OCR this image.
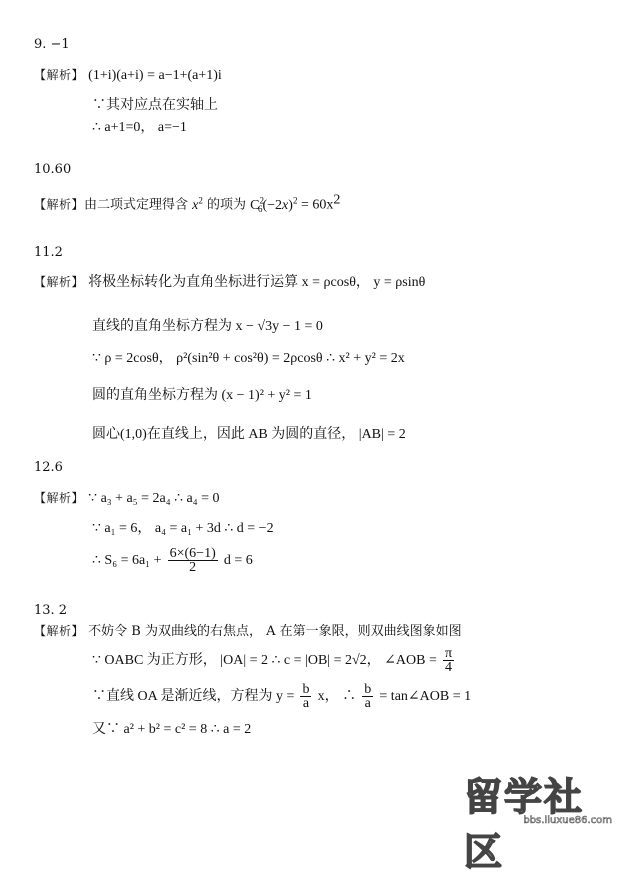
9. −1
【解析】 (1+i)(a+i) = a−1+(a+1)i
∵其对应点在实轴上
∴ a+1=0， a=−1
10.60
【解析】由二项式定理得含 $x^2$ 的项为 $C^2_6(-2x)^2 = 60x^2$
11.2
【解析】 将极坐标转化为直角坐标进行运算 x = ρcosθ， y = ρsinθ
直线的直角坐标方程为 x − √3y − 1 = 0
∵ ρ = 2cosθ， ρ²(sin²θ + cos²θ) = 2ρcosθ ∴ x² + y² = 2x
圆的直角坐标方程为 (x − 1)² + y² = 1
圆心(1,0)在直线上，因此 AB 为圆的直径， |AB| = 2
12.6
【解析】 ∵ a₃ + a₅ = 2a₄ ∴ a₄ = 0
∵ a₁ = 6， a₄ = a₁ + 3d ∴ d = −2
∴ $S_6 = 6a_1 + \frac{6\times(6-1)}{2}$ d = 6
13. 2
【解析】 不妨令 B 为双曲线的右焦点， A 在第一象限，则双曲线图象如图
∵ OABC 为正方形， |OA| = 2 ∴ c = |OB| = 2√2， ∠AOB = $\frac{\pi}{4}$
∵直线 OA 是渐近线，方程为 $y = \frac{b}{a}$ x， ∴ $\frac{b}{a}$ = tan∠AOB = 1
又∵ a² + b² = c² = 8 ∴ a = 2
留学社区
bbs.liuxue86.com
